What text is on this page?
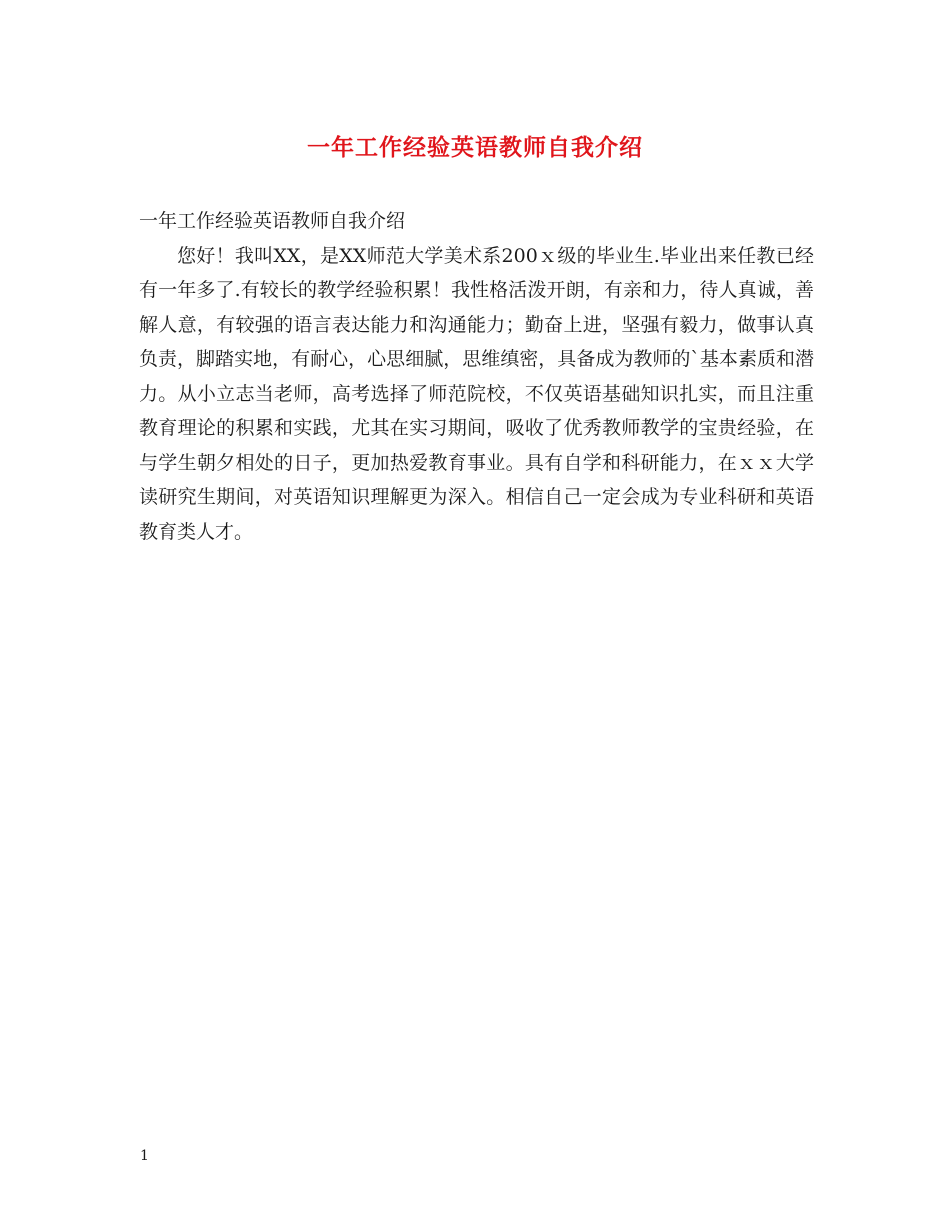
一年工作经验英语教师自我介绍

一年工作经验英语教师自我介绍

您好！我叫XX，是XX师范大学美术系200ｘ级的毕业生.毕业出来任教已经有一年多了.有较长的教学经验积累！我性格活泼开朗，有亲和力，待人真诚，善解人意，有较强的语言表达能力和沟通能力；勤奋上进，坚强有毅力，做事认真负责，脚踏实地，有耐心，心思细腻，思维缜密，具备成为教师的`基本素质和潜力。从小立志当老师，高考选择了师范院校，不仅英语基础知识扎实，而且注重教育理论的积累和实践，尤其在实习期间，吸收了优秀教师教学的宝贵经验，在与学生朝夕相处的日子，更加热爱教育事业。具有自学和科研能力，在ｘｘ大学读研究生期间，对英语知识理解更为深入。相信自己一定会成为专业科研和英语教育类人才。

1
